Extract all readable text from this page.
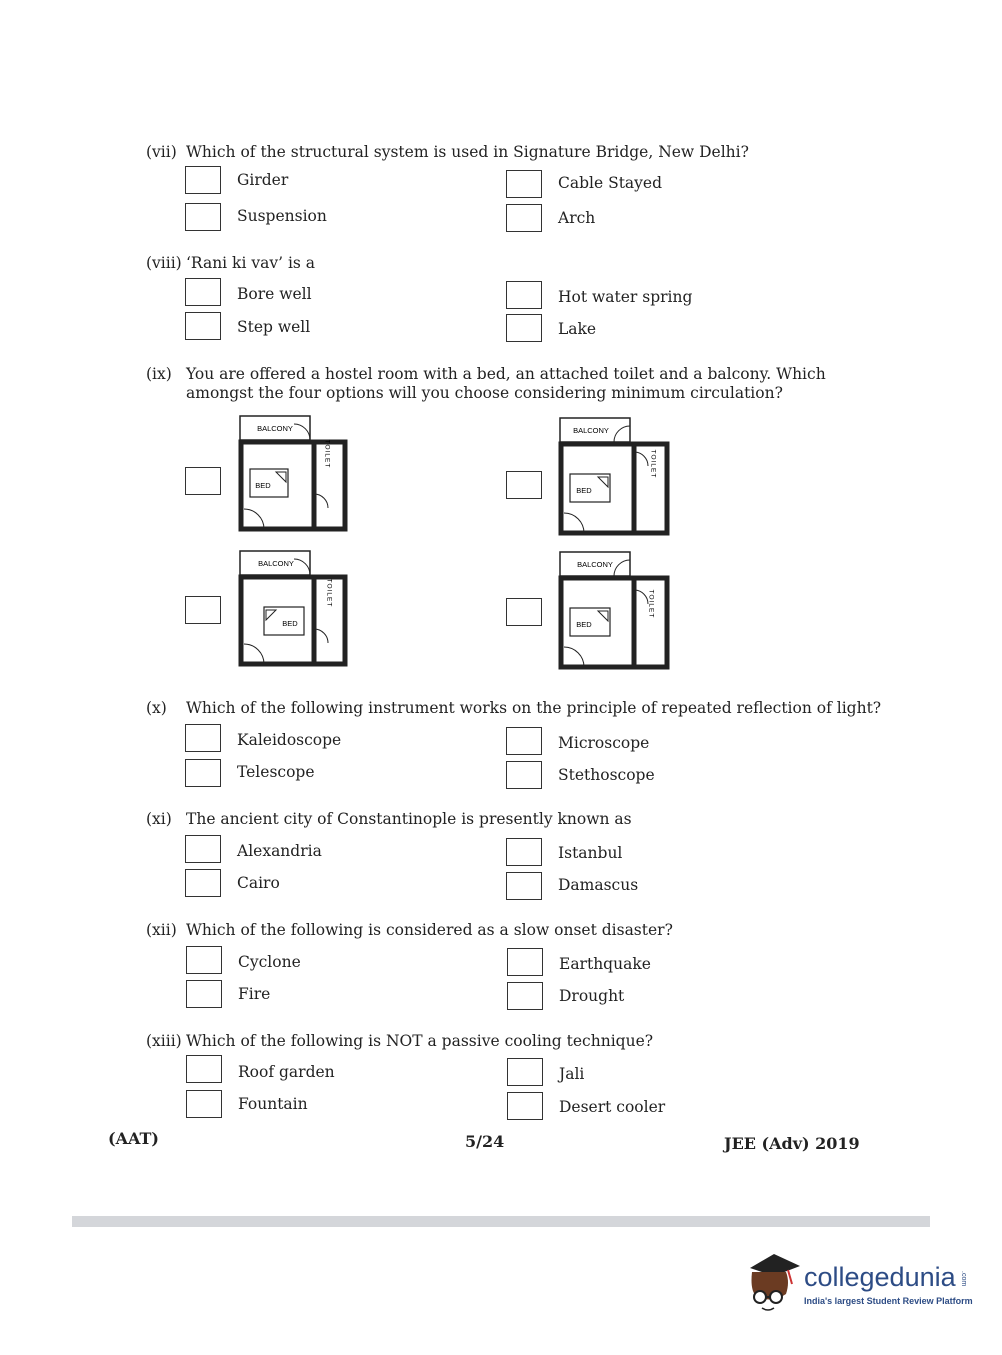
(vii) Which of the structural system is used in Signature Bridge, New Delhi?
Girder	Cable Stayed
Suspension	Arch
(viii) ‘Rani ki vav’ is a
Bore well	Hot water spring
Step well	Lake
(ix) You are offered a hostel room with a bed, an attached toilet and a balcony. Which amongst the four options will you choose considering minimum circulation?
BALCONY
BED
TOILET
BALCONY
BED
TOILET
BALCONY
BED
TOILET
BALCONY
BED
TOILET
(x) Which of the following instrument works on the principle of repeated reflection of light?
Kaleidoscope	Microscope
Telescope	Stethoscope
(xi) The ancient city of Constantinople is presently known as
Alexandria	Istanbul
Cairo	Damascus
(xii) Which of the following is considered as a slow onset disaster?
Cyclone	Earthquake
Fire	Drought
(xiii) Which of the following is NOT a passive cooling technique?
Roof garden	Jali
Fountain	Desert cooler
(AAT)	5/24	JEE (Adv) 2019
collegedunia .com
India's largest Student Review Platform
